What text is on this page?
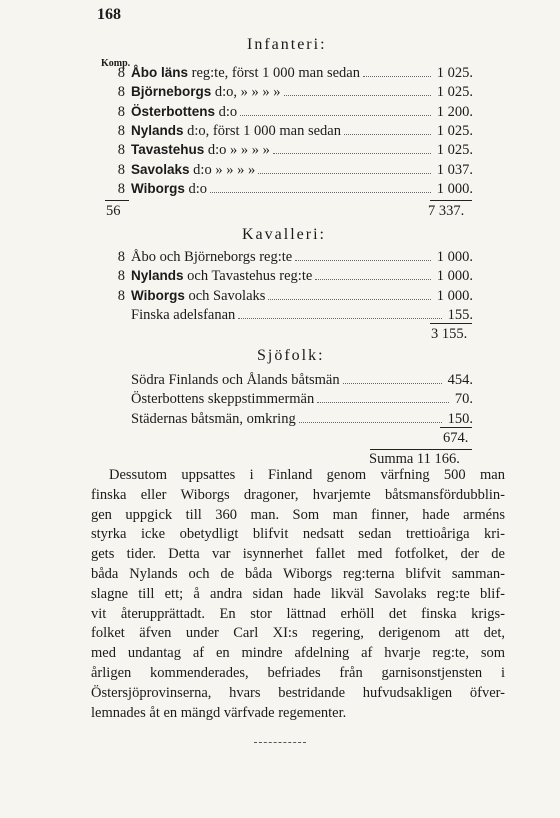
168
Infanteri:
Komp.
8 Åbo läns reg:te, först 1 000 man sedan	1 025.
8 Björneborgs d:o, » » » »	1 025.
8 Österbottens d:o	1 200.
8 Nylands d:o, först 1 000 man sedan	1 025.
8 Tavastehus d:o » » » »	1 025.
8 Savolaks d:o » » » »	1 037.
8 Wiborgs d:o	1 000.
56	7 337.
Kavalleri:
8 Åbo och Björneborgs reg:te	1 000.
8 Nylands och Tavastehus reg:te	1 000.
8 Wiborgs och Savolaks	1 000.
Finska adelsfanan	155.
3 155.
Sjöfolk:
Södra Finlands och Ålands båtsmän	454.
Österbottens skeppstimmermän	70.
Städernas båtsmän, omkring	150.
674.
Summa 11 166.
Dessutom uppsattes i Finland genom värfning 500 man
finska eller Wiborgs dragoner, hvarjemte båtsmansfördubblin-
gen uppgick till 360 man. Som man finner, hade arméns
styrka icke obetydligt blifvit nedsatt sedan trettioåriga kri-
gets tider. Detta var isynnerhet fallet med fotfolket, der de
båda Nylands och de båda Wiborgs reg:terna blifvit samman-
slagne till ett; å andra sidan hade likväl Savolaks reg:te blif-
vit återupprättadt. En stor lättnad erhöll det finska krigs-
folket äfven under Carl XI:s regering, derigenom att det,
med undantag af en mindre afdelning af hvarje reg:te, som
årligen kommenderades, befriades från garnisonstjensten i
Östersjöprovinserna, hvars bestridande hufvudsakligen öfver-
lemnades åt en mängd värfvade regementer.
